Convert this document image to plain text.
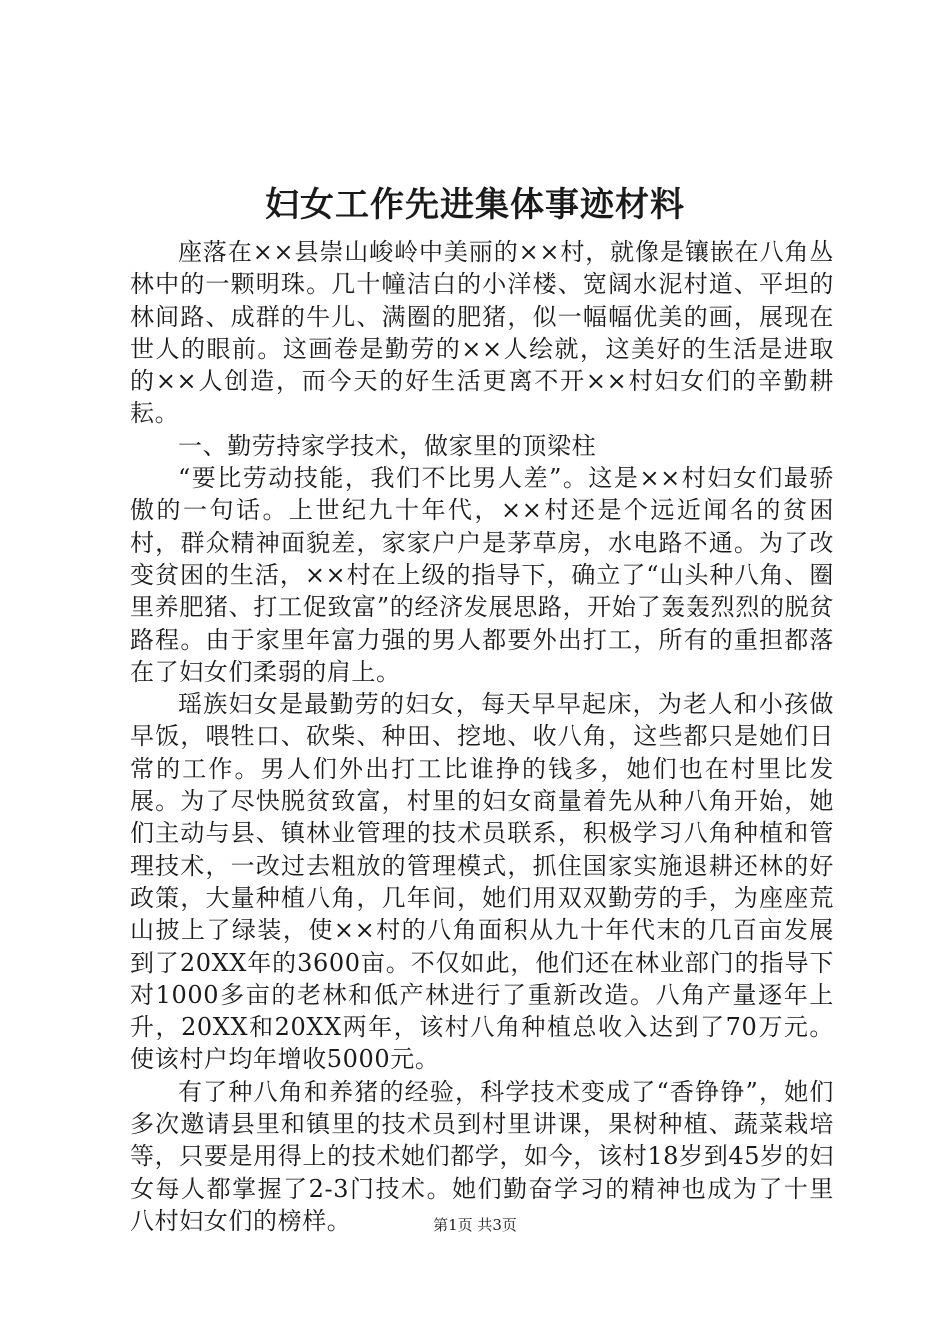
妇女工作先进集体事迹材料

座落在××县崇山峻岭中美丽的××村，就像是镶嵌在八角丛林中的一颗明珠。几十幢洁白的小洋楼、宽阔水泥村道、平坦的林间路、成群的牛儿、满圈的肥猪，似一幅幅优美的画，展现在世人的眼前。这画卷是勤劳的××人绘就，这美好的生活是进取的××人创造，而今天的好生活更离不开××村妇女们的辛勤耕耘。

一、勤劳持家学技术，做家里的顶梁柱

“要比劳动技能，我们不比男人差”。这是××村妇女们最骄傲的一句话。上世纪九十年代，××村还是个远近闻名的贫困村，群众精神面貌差，家家户户是茅草房，水电路不通。为了改变贫困的生活，××村在上级的指导下，确立了“山头种八角、圈里养肥猪、打工促致富”的经济发展思路，开始了轰轰烈烈的脱贫路程。由于家里年富力强的男人都要外出打工，所有的重担都落在了妇女们柔弱的肩上。

瑶族妇女是最勤劳的妇女，每天早早起床，为老人和小孩做早饭，喂牲口、砍柴、种田、挖地、收八角，这些都只是她们日常的工作。男人们外出打工比谁挣的钱多，她们也在村里比发展。为了尽快脱贫致富，村里的妇女商量着先从种八角开始，她们主动与县、镇林业管理的技术员联系，积极学习八角种植和管理技术，一改过去粗放的管理模式，抓住国家实施退耕还林的好政策，大量种植八角，几年间，她们用双双勤劳的手，为座座荒山披上了绿装，使××村的八角面积从九十年代末的几百亩发展到了20XX年的3600亩。不仅如此，他们还在林业部门的指导下对1000多亩的老林和低产林进行了重新改造。八角产量逐年上升，20XX和20XX两年，该村八角种植总收入达到了70万元。使该村户均年增收5000元。

有了种八角和养猪的经验，科学技术变成了“香铮铮”，她们多次邀请县里和镇里的技术员到村里讲课，果树种植、蔬菜栽培等，只要是用得上的技术她们都学，如今，该村18岁到45岁的妇女每人都掌握了2-3门技术。她们勤奋学习的精神也成为了十里八村妇女们的榜样。	第1页 共3页
